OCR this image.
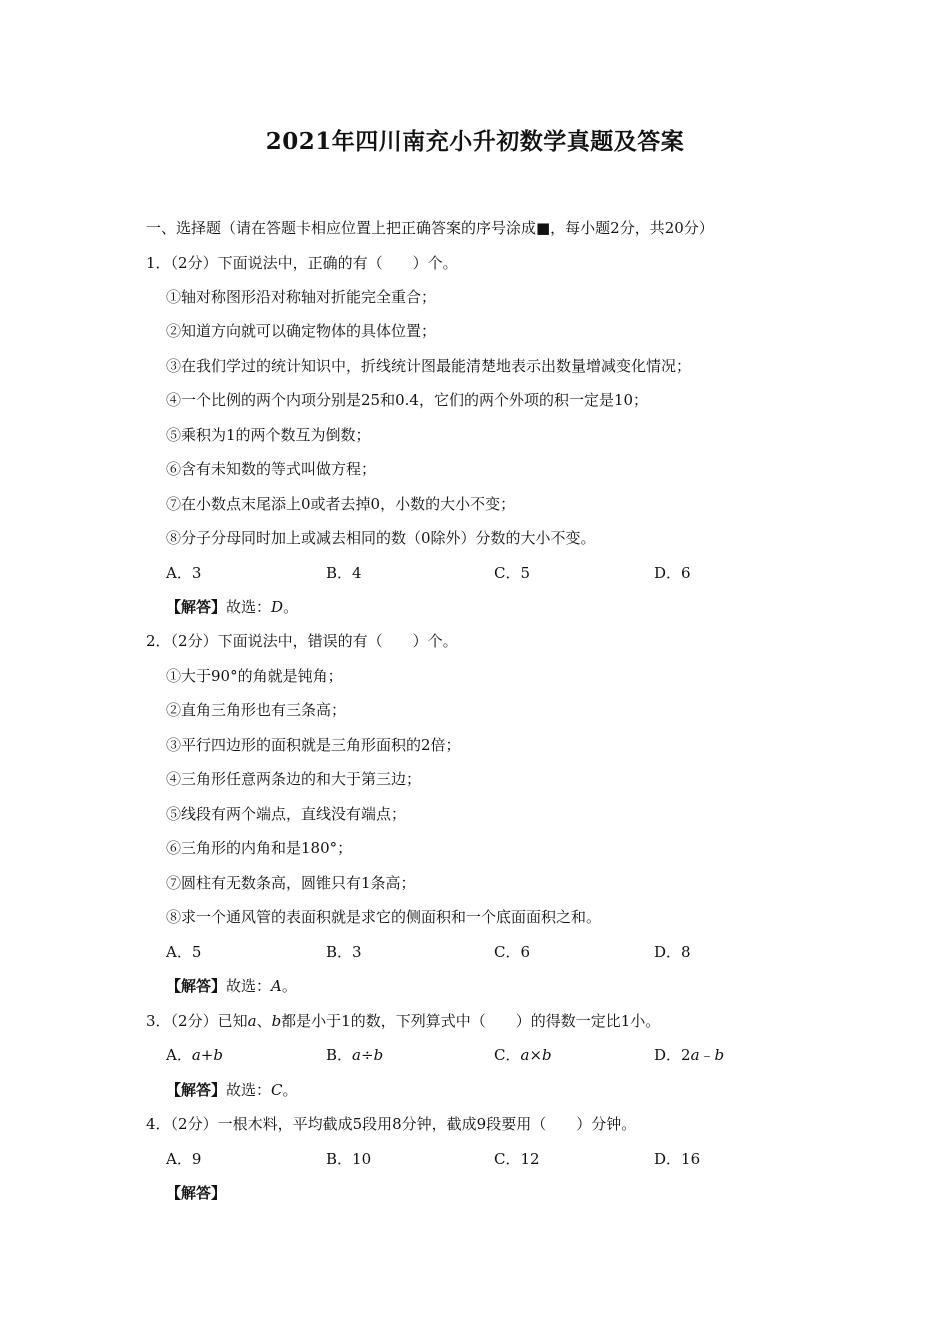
2021年四川南充小升初数学真题及答案
一、选择题（请在答题卡相应位置上把正确答案的序号涂成■，每小题2分，共20分）
1．（2分）下面说法中，正确的有（　　）个。
①轴对称图形沿对称轴对折能完全重合；
②知道方向就可以确定物体的具体位置；
③在我们学过的统计知识中，折线统计图最能清楚地表示出数量增减变化情况；
④一个比例的两个内项分别是25和0.4，它们的两个外项的积一定是10；
⑤乘积为1的两个数互为倒数；
⑥含有未知数的等式叫做方程；
⑦在小数点末尾添上0或者去掉0，小数的大小不变；
⑧分子分母同时加上或减去相同的数（0除外）分数的大小不变。
A．3	B．4	C．5	D．6
【解答】故选：D。
2．（2分）下面说法中，错误的有（　　）个。
①大于90°的角就是钝角；
②直角三角形也有三条高；
③平行四边形的面积就是三角形面积的2倍；
④三角形任意两条边的和大于第三边；
⑤线段有两个端点，直线没有端点；
⑥三角形的内角和是180°；
⑦圆柱有无数条高，圆锥只有1条高；
⑧求一个通风管的表面积就是求它的侧面积和一个底面面积之和。
A．5	B．3	C．6	D．8
【解答】故选：A。
3．（2分）已知a、b都是小于1的数，下列算式中（　　）的得数一定比1小。
A．a+b	B．a÷b	C．a×b	D．2a﹣b
【解答】故选：C。
4．（2分）一根木料，平均截成5段用8分钟，截成9段要用（　　）分钟。
A．9	B．10	C．12	D．16
【解答】
